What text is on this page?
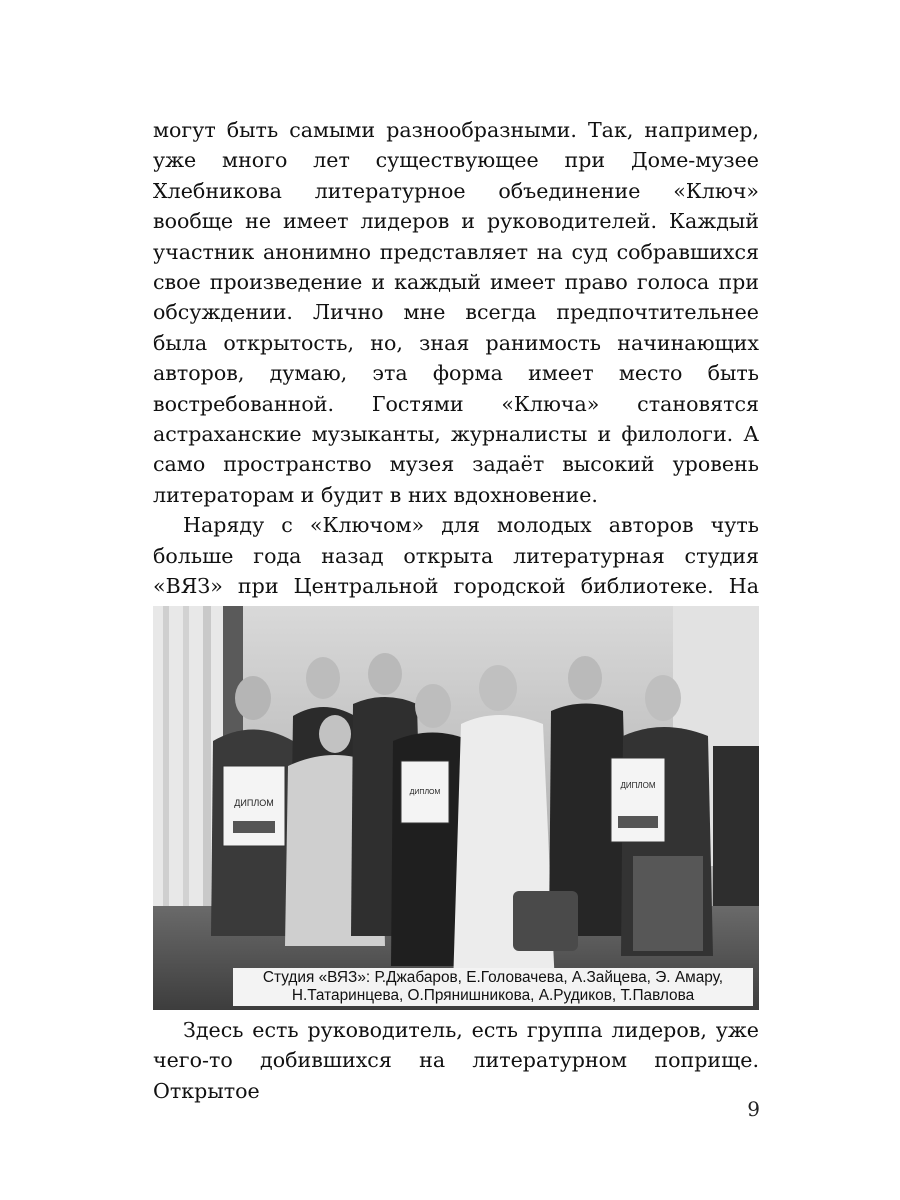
могут быть самыми разнообразными. Так, например, уже много лет существующее при Доме-музее Хлебникова литературное объединение «Ключ» вообще не имеет лидеров и руководителей. Каждый участник анонимно представляет на суд собравшихся свое произведение и каждый имеет право голоса при обсуждении. Лично мне всегда предпочтительнее была открытость, но, зная ранимость начинающих авторов, думаю, эта форма имеет место быть востребованной. Гостями «Ключа» становятся астраханские музыканты, журналисты и филологи. А само пространство музея задаёт высокий уровень литераторам и будит в них вдохновение.

Наряду с «Ключом» для молодых авторов чуть больше года назад открыта литературная студия «ВЯЗ» при Центральной городской библиотеке. На

ДИПЛОМ
ДИПЛОМ
ДИПЛОМ
Студия «ВЯЗ»: Р.Джабаров, Е.Головачева, А.Зайцева, Э. Амару,
Н.Татаринцева, О.Прянишникова, А.Рудиков, Т.Павлова

Здесь есть руководитель, есть группа лидеров, уже чего-то добившихся на литературном поприще. Открытое

9
